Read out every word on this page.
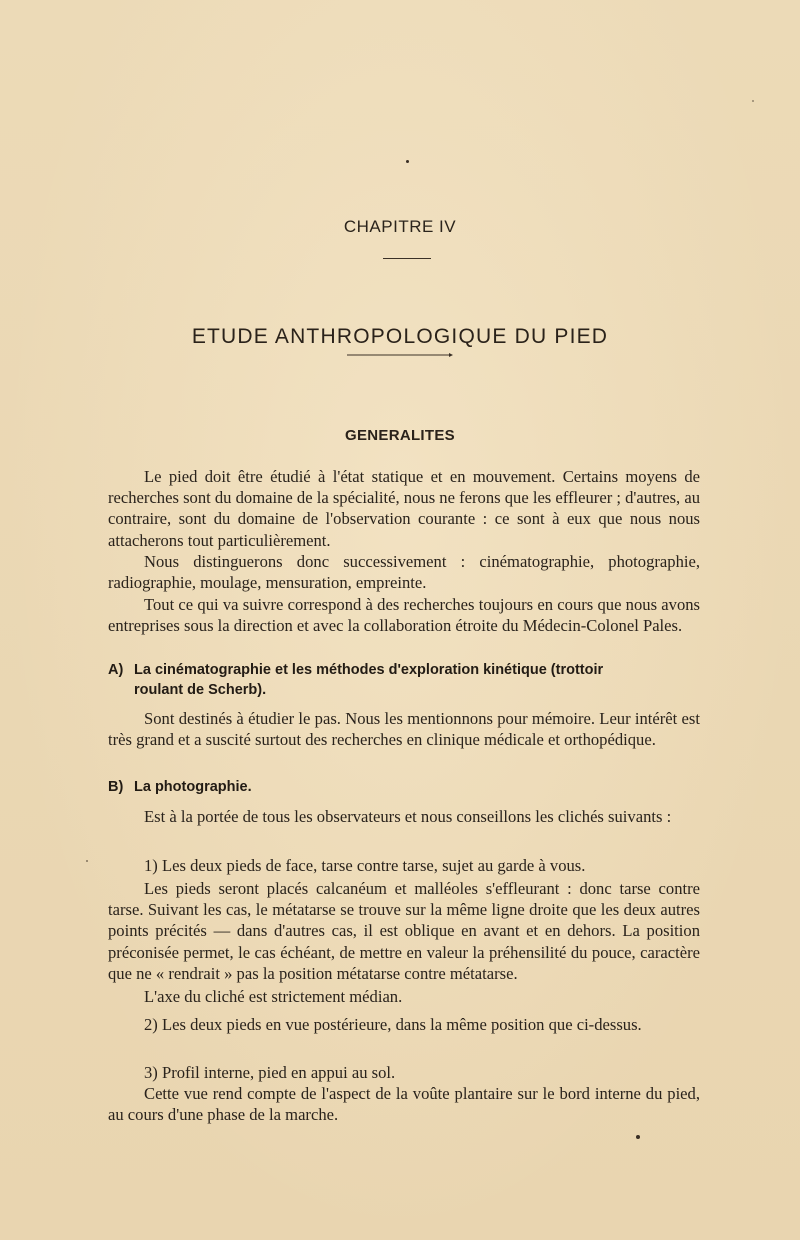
CHAPITRE IV
ETUDE ANTHROPOLOGIQUE DU PIED
GENERALITES

Le pied doit être étudié à l'état statique et en mouvement. Certains moyens de recherches sont du domaine de la spécialité, nous ne ferons que les effleurer ; d'autres, au contraire, sont du domaine de l'observation courante : ce sont à eux que nous nous attacherons tout particulièrement.

Nous distinguerons donc successivement : cinématographie, photographie, radiographie, moulage, mensuration, empreinte.

Tout ce qui va suivre correspond à des recherches toujours en cours que nous avons entreprises sous la direction et avec la collaboration étroite du Médecin-Colonel Pales.

A) La cinématographie et les méthodes d'exploration kinétique (trottoir
roulant de Scherb).

Sont destinés à étudier le pas. Nous les mentionnons pour mémoire. Leur intérêt est très grand et a suscité surtout des recherches en clinique médicale et orthopédique.

B) La photographie.

Est à la portée de tous les observateurs et nous conseillons les clichés suivants :

1) Les deux pieds de face, tarse contre tarse, sujet au garde à vous.

Les pieds seront placés calcanéum et malléoles s'effleurant : donc tarse contre tarse. Suivant les cas, le métatarse se trouve sur la même ligne droite que les deux autres points précités — dans d'autres cas, il est oblique en avant et en dehors. La position préconisée permet, le cas échéant, de mettre en valeur la préhensilité du pouce, caractère que ne « rendrait » pas la position métatarse contre métatarse.

L'axe du cliché est strictement médian.

2) Les deux pieds en vue postérieure, dans la même position que ci-dessus.

3) Profil interne, pied en appui au sol.

Cette vue rend compte de l'aspect de la voûte plantaire sur le bord interne du pied, au cours d'une phase de la marche.
